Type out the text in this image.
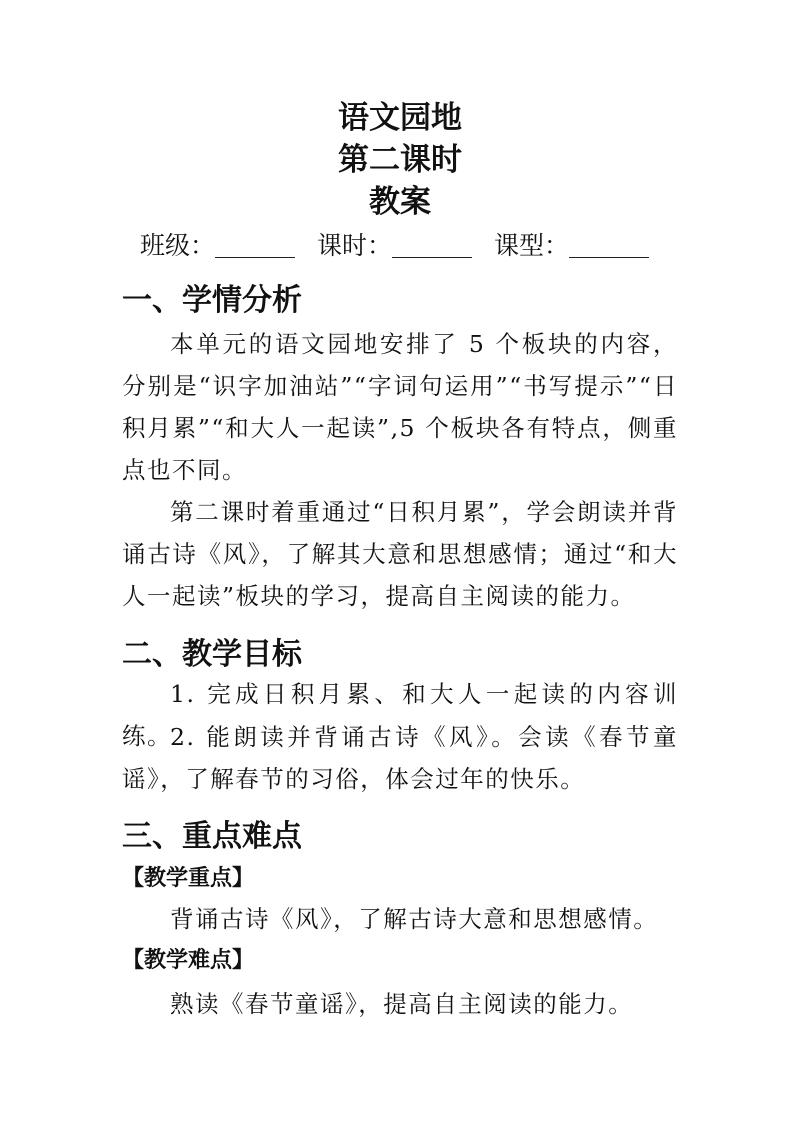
语文园地
第二课时
教案
班级：	课时：	课型：
一、学情分析
本单元的语文园地安排了 5 个板块的内容，分别是“识字加油站”“字词句运用”“书写提示”“日积月累”“和大人一起读”,5 个板块各有特点，侧重点也不同。
第二课时着重通过“日积月累”，学会朗读并背诵古诗《风》，了解其大意和思想感情；通过“和大人一起读”板块的学习，提高自主阅读的能力。
二、教学目标
1. 完成日积月累、和大人一起读的内容训练。
2. 能朗读并背诵古诗《风》。会读《春节童谣》，了解春节的习俗，体会过年的快乐。
三、重点难点
【教学重点】
背诵古诗《风》，了解古诗大意和思想感情。
【教学难点】
熟读《春节童谣》，提高自主阅读的能力。
